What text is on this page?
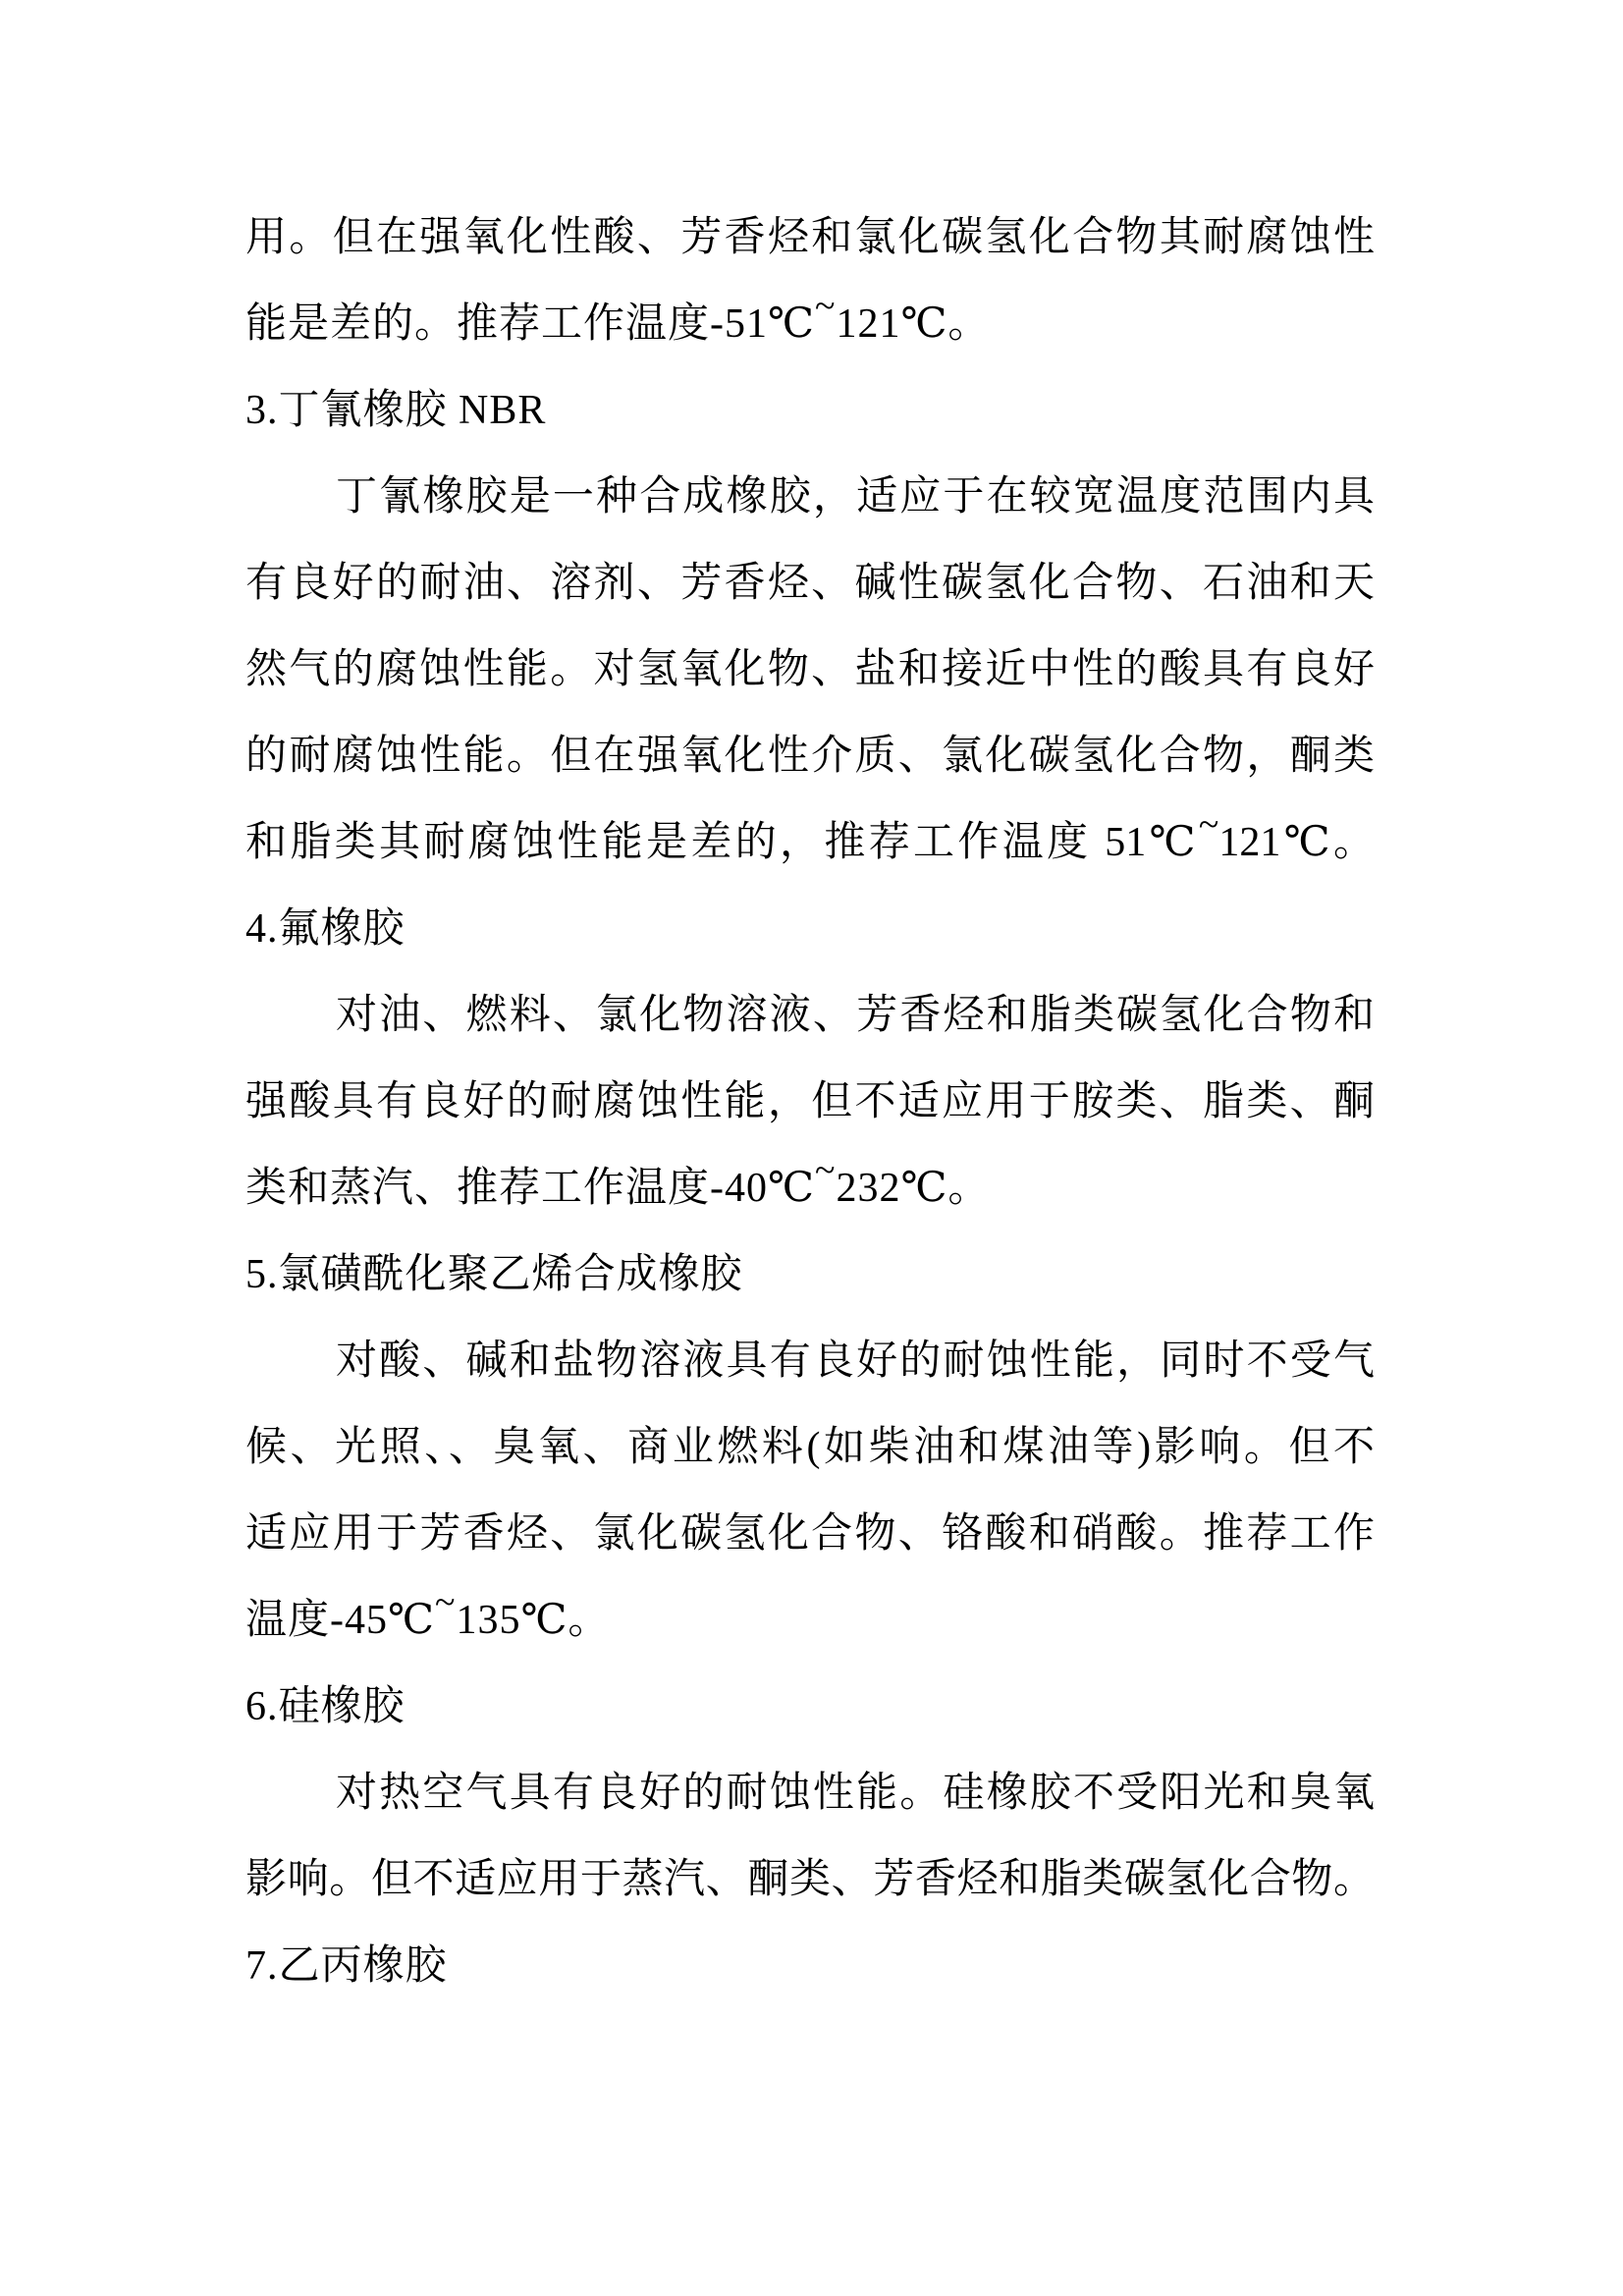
用。但在强氧化性酸、芳香烃和氯化碳氢化合物其耐腐蚀性
能是差的。推荐工作温度-51℃~121℃。
3.丁氰橡胶 NBR
丁氰橡胶是一种合成橡胶，适应于在较宽温度范围内具
有良好的耐油、溶剂、芳香烃、碱性碳氢化合物、石油和天
然气的腐蚀性能。对氢氧化物、盐和接近中性的酸具有良好
的耐腐蚀性能。但在强氧化性介质、氯化碳氢化合物，酮类
和脂类其耐腐蚀性能是差的，推荐工作温度 51℃~121℃。
4.氟橡胶
对油、燃料、氯化物溶液、芳香烃和脂类碳氢化合物和
强酸具有良好的耐腐蚀性能，但不适应用于胺类、脂类、酮
类和蒸汽、推荐工作温度-40℃~232℃。
5.氯磺酰化聚乙烯合成橡胶
对酸、碱和盐物溶液具有良好的耐蚀性能，同时不受气
候、光照、、臭氧、商业燃料(如柴油和煤油等)影响。但不
适应用于芳香烃、氯化碳氢化合物、铬酸和硝酸。推荐工作
温度-45℃~135℃。
6.硅橡胶
对热空气具有良好的耐蚀性能。硅橡胶不受阳光和臭氧
影响。但不适应用于蒸汽、酮类、芳香烃和脂类碳氢化合物。
7.乙丙橡胶
